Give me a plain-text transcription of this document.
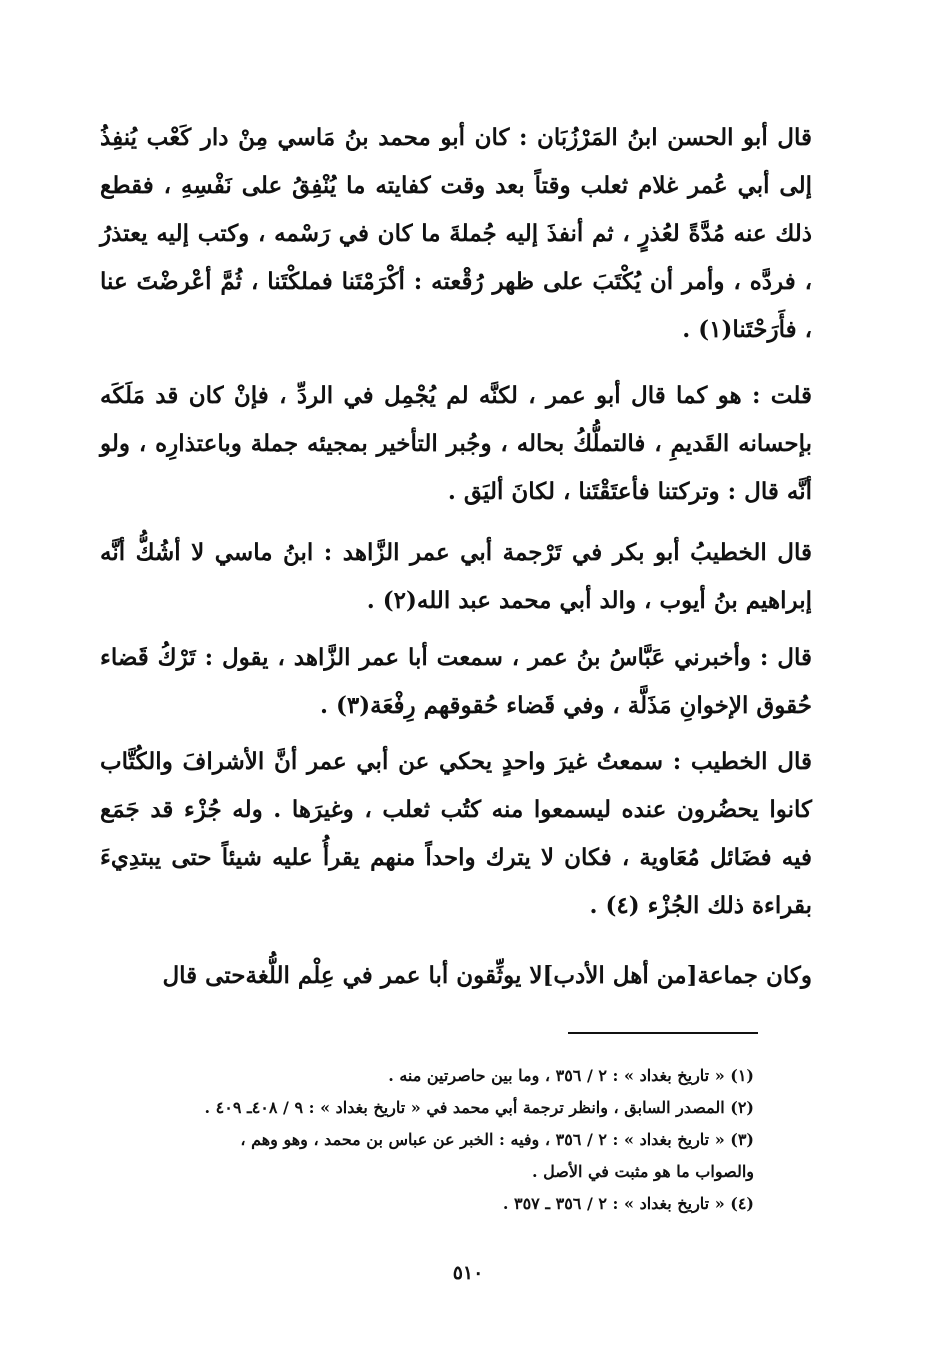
قال أبو الحسن ابنُ المَرْزُبَان : كان أبو محمد بنُ مَاسي مِنْ دار كَعْب يُنفِذُ إلى أبي عُمر غلام ثعلب وقتاً بعد وقت كفايته ما يُنْفِقُ على نَفْسِهِ ، فقطع ذلك عنه مُدَّةً لعُذرٍ ، ثم أنفذَ إليه جُملةَ ما كان في رَسْمه ، وكتب إليه يعتذرُ ، فردَّه ، وأمر أن يُكْتَبَ على ظهر رُقْعته : أكْرَمْتَنا فملكْتَنا ، ثُمَّ أعْرضْتَ عنا ، فأَرَحْتَنا(١) .

قلت : هو كما قال أبو عمر ، لكنَّه لم يُجْمِل في الردِّ ، فإنْ كان قد مَلَكَه بإحسانه القَديمِ ، فالتملُّكُ بحاله ، وجُبر التأخير بمجيئه جملة وباعتذارِه ، ولو أنَّه قال : وتركتنا فأعتَقْتَنا ، لكانَ أليَق .

قال الخطيبُ أبو بكر في تَرْجمة أبي عمر الزَّاهد : ابنُ ماسي لا أشُكُّ أنَّه إبراهيم بنُ أيوب ، والد أبي محمد عبد الله(٢) .

قال : وأخبرني عَبَّاسُ بنُ عمر ، سمعت أبا عمر الزَّاهد ، يقول : تَرْكُ قَضاء حُقوق الإخوانِ مَذَلَّة ، وفي قَضاء حُقوقهم رِفْعَة(٣) .

قال الخطيب : سمعتُ غيرَ واحدٍ يحكي عن أبي عمر أنَّ الأشرافَ والكُتَّاب كانوا يحضُرون عنده ليسمعوا منه كتُب ثعلب ، وغيرَها . وله جُزْء قد جَمَع فيه فضَائل مُعَاوية ، فكان لا يترك واحداً منهم يقرأُ عليه شيئاً حتى يبتدِيءَ بقراءة ذلك الجُزْء (٤) .

وكان جماعة[من أهل الأدب]لا يوثِّقون أبا عمر في عِلْم اللُّغةحتى قال

(١) « تاريخ بغداد » : ٢ / ٣٥٦ ، وما بين حاصرتين منه .

(٢) المصدر السابق ، وانظر ترجمة أبي محمد في « تاريخ بغداد » : ٩ / ٤٠٨ـ ٤٠٩ .

(٣) « تاريخ بغداد » : ٢ / ٣٥٦ ، وفيه : الخبر عن عباس بن محمد ، وهو وهم ،

والصواب ما هو مثبت في الأصل .

(٤) « تاريخ بغداد » : ٢ / ٣٥٦ ـ ٣٥٧ .

٥١٠
